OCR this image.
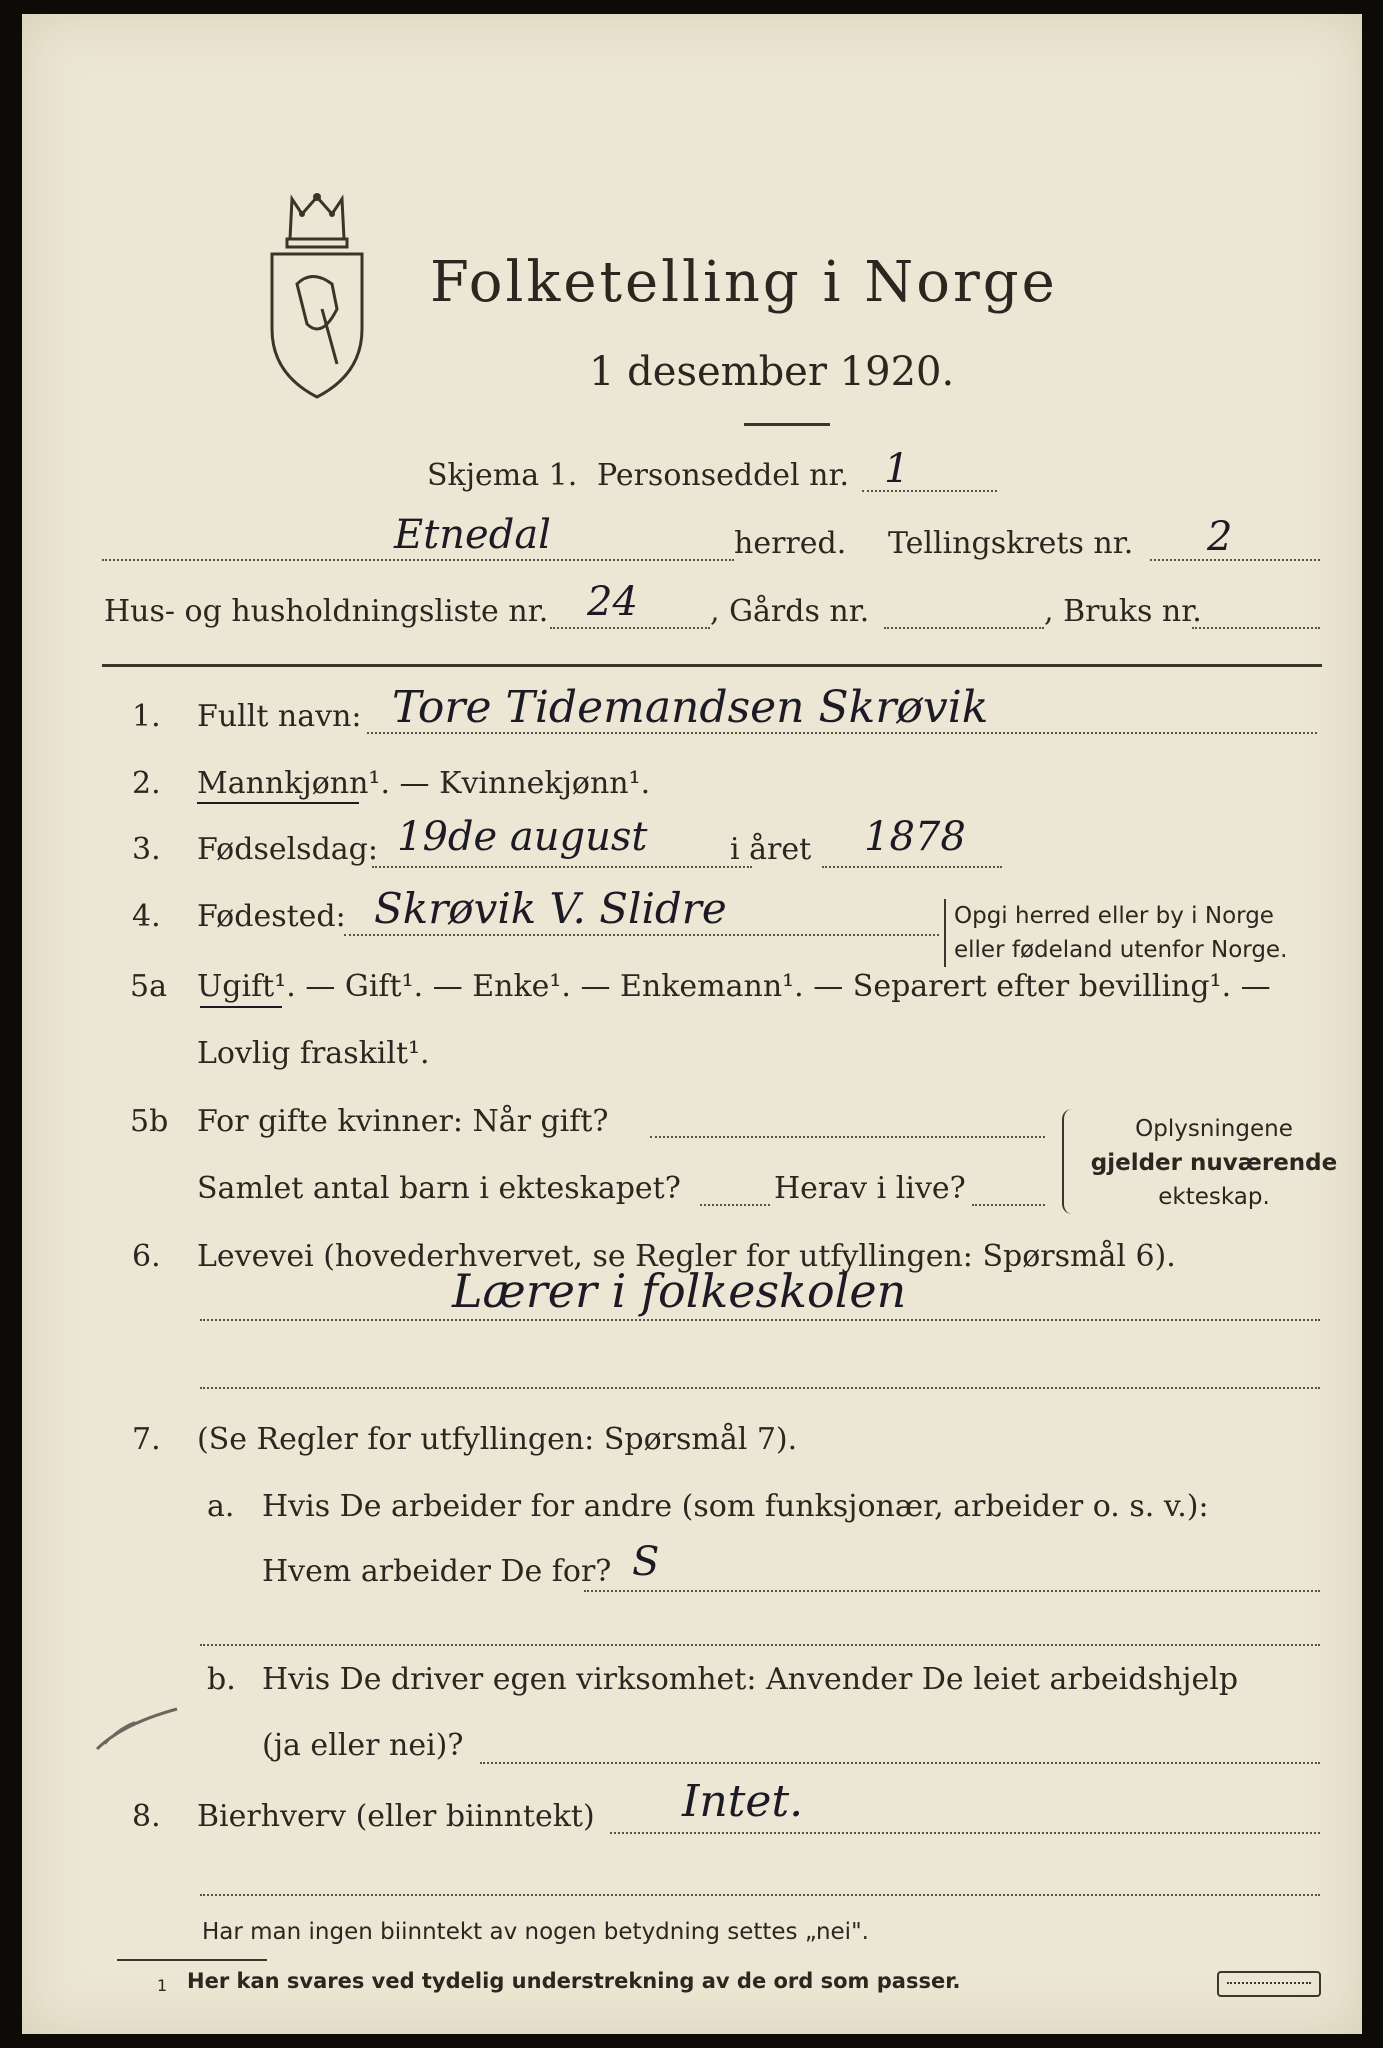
Folketelling i Norge
1 desember 1920.
Skjema 1. Personseddel nr. 1
Etnedal	herred. Tellingskrets nr. 2
Hus- og husholdningsliste nr. 24 , Gårds nr.	, Bruks nr.
1. Fullt navn: Tore Tidemandsen Skrøvik
2. Mannkjønn¹. — Kvinnekjønn¹.
3. Fødselsdag: 19de august	i året 1878
4. Fødested: Skrøvik V. Slidre	Opgi herred eller by i Norge
eller fødeland utenfor Norge.
5a Ugift¹. — Gift¹. — Enke¹. — Enkemann¹. — Separert efter bevilling¹. —
Lovlig fraskilt¹.
5b For gifte kvinner: Når gift?
Samlet antal barn i ekteskapet?	Herav i live?
Oplysningene
gjelder nuværende
ekteskap.
6. Levevei (hovederhvervet, se Regler for utfyllingen: Spørsmål 6).
Lærer i folkeskolen
7. (Se Regler for utfyllingen: Spørsmål 7).
a. Hvis De arbeider for andre (som funksjonær, arbeider o. s. v.):
Hvem arbeider De for? S
b. Hvis De driver egen virksomhet: Anvender De leiet arbeidshjelp
(ja eller nei)?
8. Bierhverv (eller biinntekt) Intet.
Har man ingen biinntekt av nogen betydning settes „nei".
1 Her kan svares ved tydelig understrekning av de ord som passer.
